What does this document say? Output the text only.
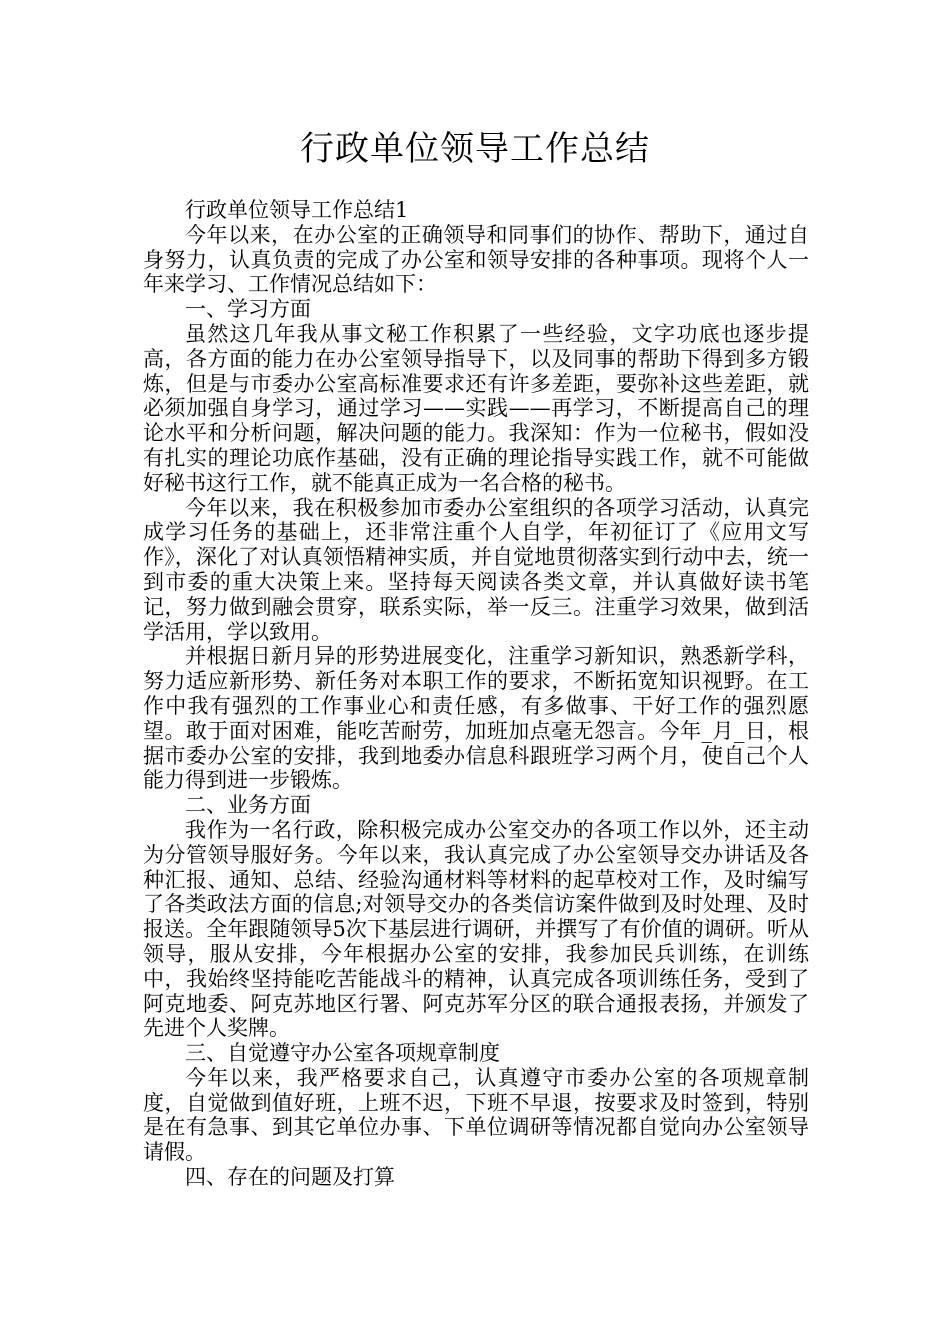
行政单位领导工作总结

行政单位领导工作总结1

今年以来，在办公室的正确领导和同事们的协作、帮助下，通过自身努力，认真负责的完成了办公室和领导安排的各种事项。现将个人一年来学习、工作情况总结如下：

一、学习方面

虽然这几年我从事文秘工作积累了一些经验，文字功底也逐步提高，各方面的能力在办公室领导指导下，以及同事的帮助下得到多方锻炼，但是与市委办公室高标准要求还有许多差距，要弥补这些差距，就必须加强自身学习，通过学习——实践——再学习，不断提高自己的理论水平和分析问题，解决问题的能力。我深知：作为一位秘书，假如没有扎实的理论功底作基础，没有正确的理论指导实践工作，就不可能做好秘书这行工作，就不能真正成为一名合格的秘书。

今年以来，我在积极参加市委办公室组织的各项学习活动，认真完成学习任务的基础上，还非常注重个人自学，年初征订了《应用文写作》，深化了对认真领悟精神实质，并自觉地贯彻落实到行动中去，统一到市委的重大决策上来。坚持每天阅读各类文章，并认真做好读书笔记，努力做到融会贯穿，联系实际，举一反三。注重学习效果，做到活学活用，学以致用。

并根据日新月异的形势进展变化，注重学习新知识，熟悉新学科，努力适应新形势、新任务对本职工作的要求，不断拓宽知识视野。在工作中我有强烈的工作事业心和责任感，有多做事、干好工作的强烈愿望。敢于面对困难，能吃苦耐劳，加班加点毫无怨言。今年_月_日，根据市委办公室的安排，我到地委办信息科跟班学习两个月，使自己个人能力得到进一步锻炼。

二、业务方面

我作为一名行政，除积极完成办公室交办的各项工作以外，还主动为分管领导服好务。今年以来，我认真完成了办公室领导交办讲话及各种汇报、通知、总结、经验沟通材料等材料的起草校对工作，及时编写了各类政法方面的信息;对领导交办的各类信访案件做到及时处理、及时报送。全年跟随领导5次下基层进行调研，并撰写了有价值的调研。听从领导，服从安排，今年根据办公室的安排，我参加民兵训练，在训练中，我始终坚持能吃苦能战斗的精神，认真完成各项训练任务，受到了阿克地委、阿克苏地区行署、阿克苏军分区的联合通报表扬，并颁发了先进个人奖牌。

三、自觉遵守办公室各项规章制度

今年以来，我严格要求自己，认真遵守市委办公室的各项规章制度，自觉做到值好班，上班不迟，下班不早退，按要求及时签到，特别是在有急事、到其它单位办事、下单位调研等情况都自觉向办公室领导请假。

四、存在的问题及打算
